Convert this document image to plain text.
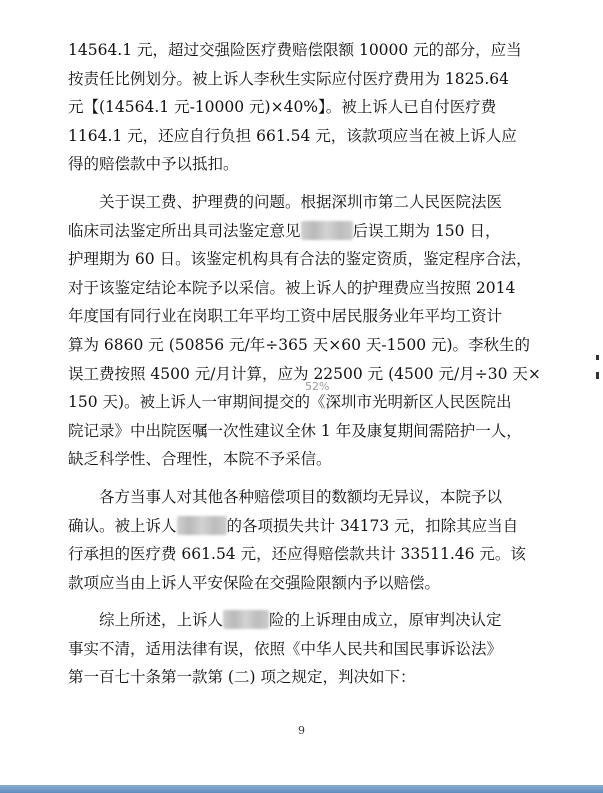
14564.1 元，超过交强险医疗费赔偿限额 10000 元的部分，应当
按责任比例划分。被上诉人李秋生实际应付医疗费用为 1825.64
元【(14564.1 元-10000 元)×40%】。被上诉人已自付医疗费
1164.1 元，还应自行负担 661.54 元，该款项应当在被上诉人应
得的赔偿款中予以抵扣。

关于误工费、护理费的问题。根据深圳市第二人民医院法医
临床司法鉴定所出具司法鉴定意见	后误工期为 150 日，
护理期为 60 日。该鉴定机构具有合法的鉴定资质，鉴定程序合法，
对于该鉴定结论本院予以采信。被上诉人的护理费应当按照 2014
年度国有同行业在岗职工年平均工资中居民服务业年平均工资计
算为 6860 元 (50856 元/年÷365 天×60 天-1500 元)。李秋生的
误工费按照 4500 元/月计算，应为 22500 元 (4500 元/月÷30 天×
150 天)。被上诉人一审期间提交的《深圳市光明新区人民医院出
院记录》中出院医嘱一次性建议全休 1 年及康复期间需陪护一人，
缺乏科学性、合理性，本院不予采信。

各方当事人对其他各种赔偿项目的数额均无异议，本院予以
确认。被上诉人	的各项损失共计 34173 元，扣除其应当自
行承担的医疗费 661.54 元，还应得赔偿款共计 33511.46 元。该
款项应当由上诉人平安保险在交强险限额内予以赔偿。

综上所述，上诉人	险的上诉理由成立，原审判决认定
事实不清，适用法律有误，依照《中华人民共和国民事诉讼法》
第一百七十条第一款第 (二) 项之规定，判决如下：

52%
9
